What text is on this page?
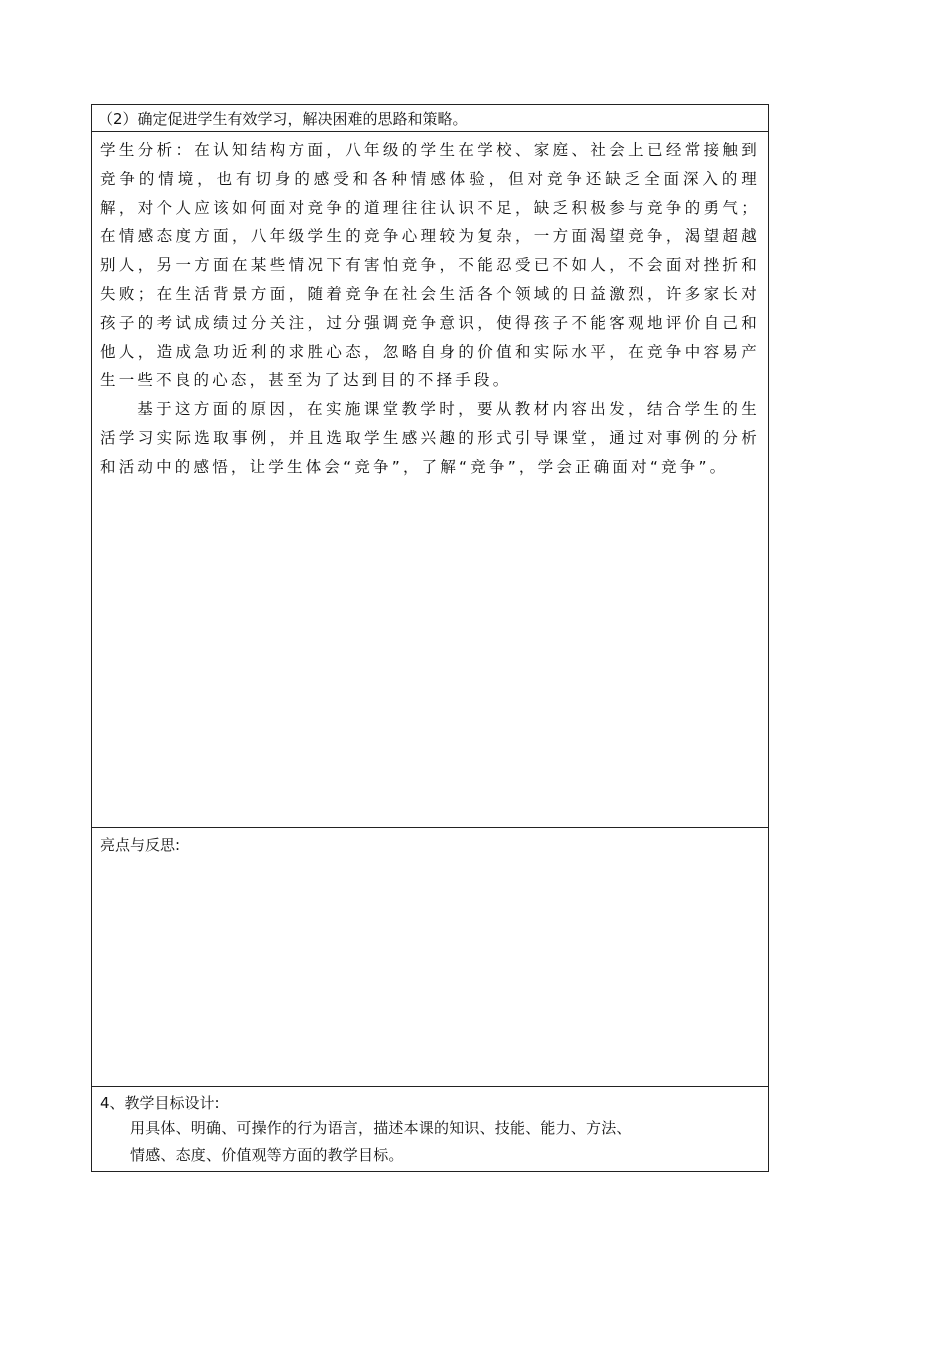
（2）确定促进学生有效学习，解决困难的思路和策略。

学生分析：在认知结构方面，八年级的学生在学校、家庭、社会上已经常接触到竞争的情境，也有切身的感受和各种情感体验，但对竞争还缺乏全面深入的理解，对个人应该如何面对竞争的道理往往认识不足，缺乏积极参与竞争的勇气；在情感态度方面，八年级学生的竞争心理较为复杂，一方面渴望竞争，渴望超越别人，另一方面在某些情况下有害怕竞争，不能忍受已不如人，不会面对挫折和失败；在生活背景方面，随着竞争在社会生活各个领域的日益激烈，许多家长对孩子的考试成绩过分关注，过分强调竞争意识，使得孩子不能客观地评价自己和他人，造成急功近利的求胜心态，忽略自身的价值和实际水平，在竞争中容易产生一些不良的心态，甚至为了达到目的不择手段。

基于这方面的原因，在实施课堂教学时，要从教材内容出发，结合学生的生活学习实际选取事例，并且选取学生感兴趣的形式引导课堂，通过对事例的分析和活动中的感悟，让学生体会“竞争”，了解“竞争”，学会正确面对“竞争”。

亮点与反思:

4、教学目标设计:

用具体、明确、可操作的行为语言，描述本课的知识、技能、能力、方法、

情感、态度、价值观等方面的教学目标。
